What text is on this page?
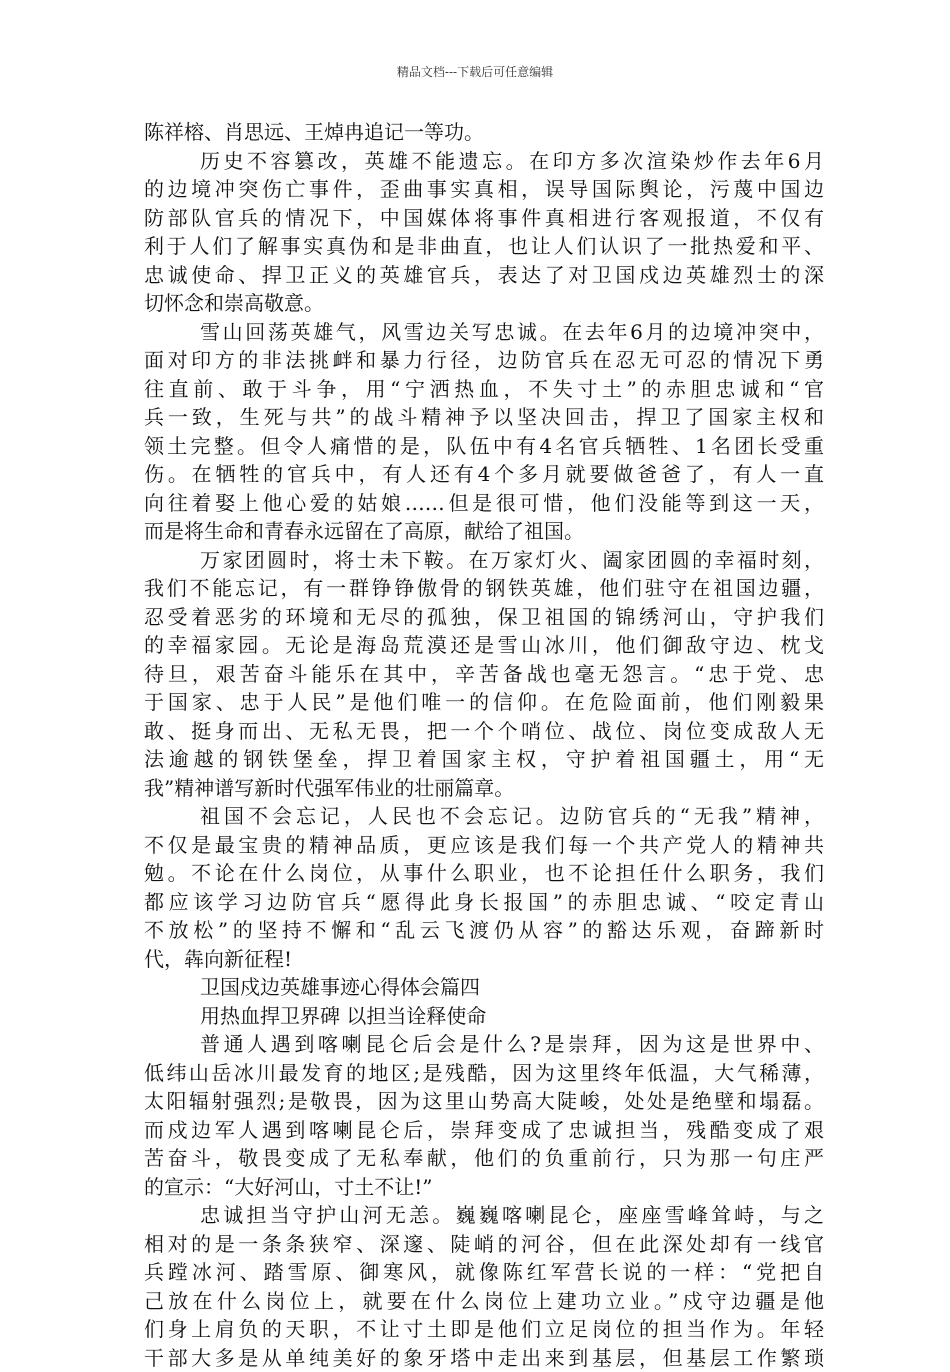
精品文档---下载后可任意编辑
陈祥榕、肖思远、王焯冉追记一等功。
历史不容篡改，英雄不能遗忘。在印方多次渲染炒作去年6月
的边境冲突伤亡事件，歪曲事实真相，误导国际舆论，污蔑中国边
防部队官兵的情况下，中国媒体将事件真相进行客观报道，不仅有
利于人们了解事实真伪和是非曲直，也让人们认识了一批热爱和平、
忠诚使命、捍卫正义的英雄官兵，表达了对卫国戍边英雄烈士的深
切怀念和崇高敬意。
雪山回荡英雄气，风雪边关写忠诚。在去年6月的边境冲突中，
面对印方的非法挑衅和暴力行径，边防官兵在忍无可忍的情况下勇
往直前、敢于斗争，用“宁洒热血，不失寸土”的赤胆忠诚和“官
兵一致，生死与共”的战斗精神予以坚决回击，捍卫了国家主权和
领土完整。但令人痛惜的是，队伍中有4名官兵牺牲、1名团长受重
伤。在牺牲的官兵中，有人还有4个多月就要做爸爸了，有人一直
向往着娶上他心爱的姑娘……但是很可惜，他们没能等到这一天，
而是将生命和青春永远留在了高原，献给了祖国。
万家团圆时，将士未下鞍。在万家灯火、阖家团圆的幸福时刻，
我们不能忘记，有一群铮铮傲骨的钢铁英雄，他们驻守在祖国边疆，
忍受着恶劣的环境和无尽的孤独，保卫祖国的锦绣河山，守护我们
的幸福家园。无论是海岛荒漠还是雪山冰川，他们御敌守边、枕戈
待旦，艰苦奋斗能乐在其中，辛苦备战也毫无怨言。“忠于党、忠
于国家、忠于人民”是他们唯一的信仰。在危险面前，他们刚毅果
敢、挺身而出、无私无畏，把一个个哨位、战位、岗位变成敌人无
法逾越的钢铁堡垒，捍卫着国家主权，守护着祖国疆土，用“无
我”精神谱写新时代强军伟业的壮丽篇章。
祖国不会忘记，人民也不会忘记。边防官兵的“无我”精神，
不仅是最宝贵的精神品质，更应该是我们每一个共产党人的精神共
勉。不论在什么岗位，从事什么职业，也不论担任什么职务，我们
都应该学习边防官兵“愿得此身长报国”的赤胆忠诚、“咬定青山
不放松”的坚持不懈和“乱云飞渡仍从容”的豁达乐观，奋蹄新时
代，犇向新征程!
卫国戍边英雄事迹心得体会篇四
用热血捍卫界碑 以担当诠释使命
普通人遇到喀喇昆仑后会是什么?是崇拜，因为这是世界中、
低纬山岳冰川最发育的地区;是残酷，因为这里终年低温，大气稀薄，
太阳辐射强烈;是敬畏，因为这里山势高大陡峻，处处是绝壁和塌磊。
而戍边军人遇到喀喇昆仑后，崇拜变成了忠诚担当，残酷变成了艰
苦奋斗，敬畏变成了无私奉献，他们的负重前行，只为那一句庄严
的宣示：“大好河山，寸土不让!”
忠诚担当守护山河无恙。巍巍喀喇昆仑，座座雪峰耸峙，与之
相对的是一条条狭窄、深邃、陡峭的河谷，但在此深处却有一线官
兵蹚冰河、踏雪原、御寒风，就像陈红军营长说的一样：“党把自
己放在什么岗位上，就要在什么岗位上建功立业。”戍守边疆是他
们身上肩负的天职，不让寸土即是他们立足岗位的担当作为。年轻
干部大多是从单纯美好的象牙塔中走出来到基层，但基层工作繁琐
